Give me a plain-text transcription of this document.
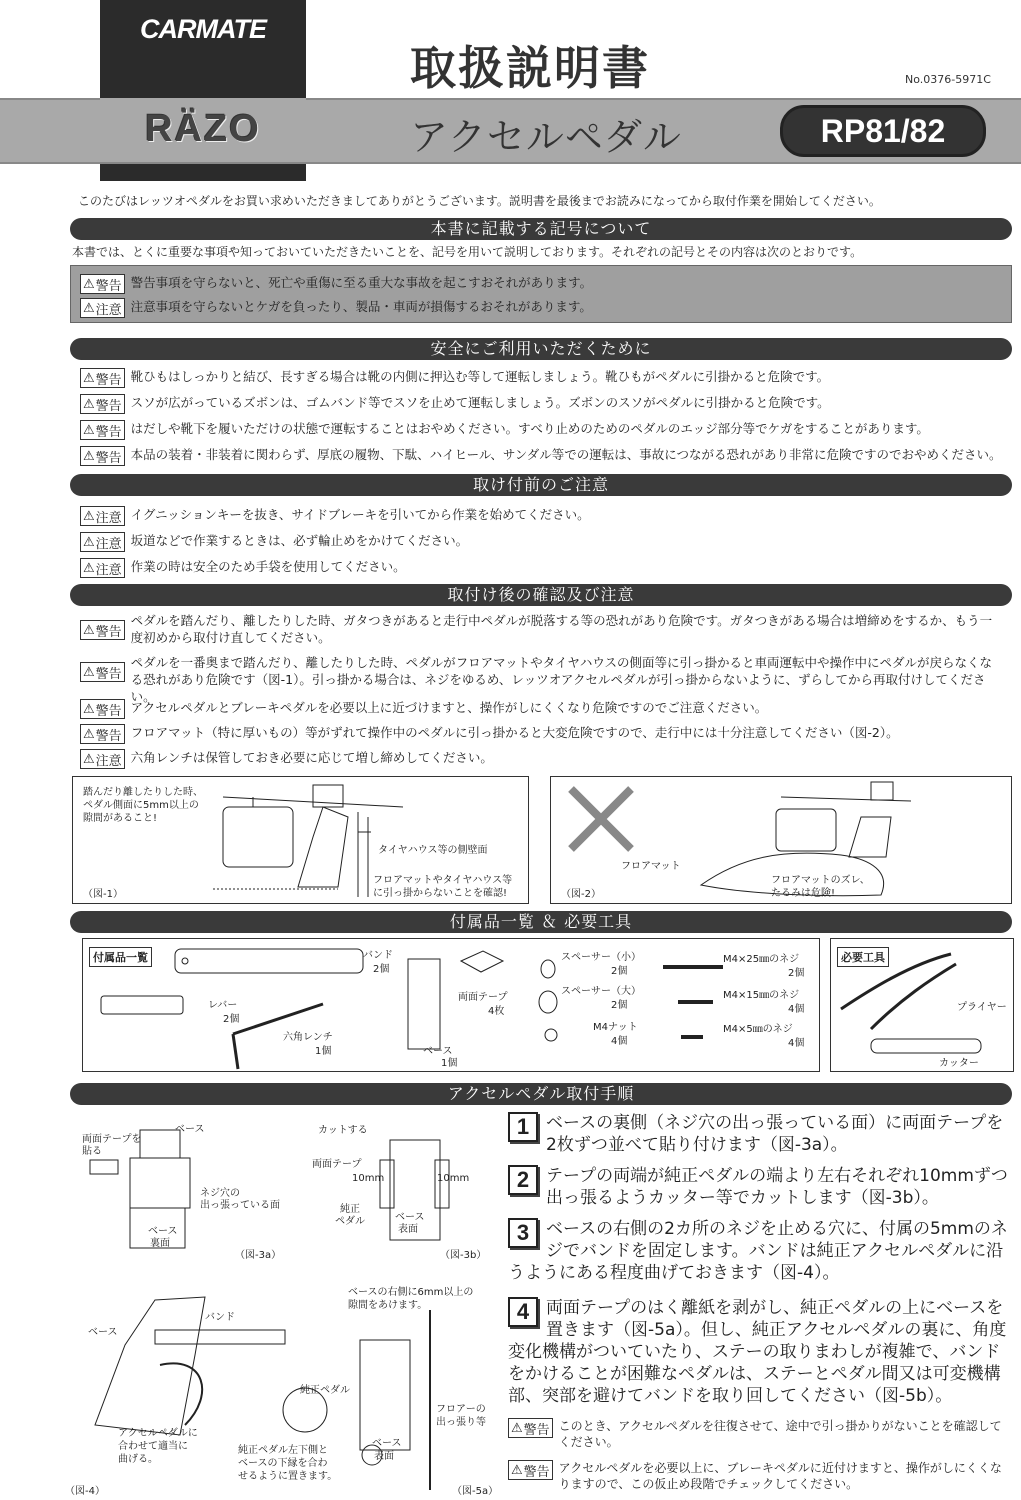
CARMATE
RÄZO
取扱説明書	No.0376-5971C
アクセルペダル	RP81/82
このたびはレッツオペダルをお買い求めいただきましてありがとうございます。説明書を最後までお読みになってから取付作業を開始してください。
本書に記載する記号について
本書では、とくに重要な事項や知っておいていただきたいことを、記号を用いて説明しております。それぞれの記号とその内容は次のとおりです。
⚠ 警告 警告事項を守らないと、死亡や重傷に至る重大な事故を起こすおそれがあります。
⚠ 注意 注意事項を守らないとケガを負ったり、製品・車両が損傷するおそれがあります。
安全にご利用いただくために
⚠ 警告 靴ひもはしっかりと結び、長すぎる場合は靴の内側に押込む等して運転しましょう。靴ひもがペダルに引掛かると危険です。
⚠ 警告 スソが広がっているズボンは、ゴムバンド等でスソを止めて運転しましょう。ズボンのスソがペダルに引掛かると危険です。
⚠ 警告 はだしや靴下を履いただけの状態で運転することはおやめください。すべり止めのためのペダルのエッジ部分等でケガをすることがあります。
⚠ 警告 本品の装着・非装着に関わらず、厚底の履物、下駄、ハイヒール、サンダル等での運転は、事故につながる恐れがあり非常に危険ですのでおやめください。
取け付前のご注意
⚠ 注意 イグニッションキーを抜き、サイドブレーキを引いてから作業を始めてください。
⚠ 注意 坂道などで作業するときは、必ず輪止めをかけてください。
⚠ 注意 作業の時は安全のため手袋を使用してください。
取付け後の確認及び注意
⚠ 警告
ペダルを踏んだり、離したりした時、ガタつきがあると走行中ペダルが脱落する等の恐れがあり危険です。ガタつきがある場合は増締めをするか、もう一度初めから取付け直してください。
⚠ 警告
ペダルを一番奥まで踏んだり、離したりした時、ペダルがフロアマットやタイヤハウスの側面等に引っ掛かると車両運転中や操作中にペダルが戻らなくなる恐れがあり危険です（図-1）。引っ掛かる場合は、ネジをゆるめ、レッツオアクセルペダルが引っ掛からないように、ずらしてから再取付けしてください。
⚠ 警告 アクセルペダルとブレーキペダルを必要以上に近づけますと、操作がしにくくなり危険ですのでご注意ください。
⚠ 警告 フロアマット（特に厚いもの）等がずれて操作中のペダルに引っ掛かると大変危険ですので、走行中には十分注意してください（図-2）。
⚠ 注意 六角レンチは保管しておき必要に応じて増し締めしてください。
踏んだり離したりした時、
ペダル側面に5mm以上の
隙間があること!
タイヤハウス等の側壁面
フロアマットやタイヤハウス等
に引っ掛からないことを確認!
（図-1）
フロアマット
フロアマットのズレ、
たるみは危険!
（図-2）
付属品一覧 ＆ 必要工具
付属品一覧	バンド
2個
レバー
2個
六角レンチ
1個	ベース
1個
両面テープ
4枚
スペーサー（小）
2個
スペーサー（大）
2個
M4ナット
4個
M4×25㎜のネジ
2個
M4×15㎜のネジ
4個
M4×5㎜のネジ
4個
必要工具
プライヤー
カッター
アクセルペダル取付手順
両面テープを
貼る
ベース
ネジ穴の
出っ張っている面
ベース
裏面
（図-3a）
カットする
両面テープ
10mm	10mm
純正
ペダル	ベース
表面
（図-3b）
ベース
バンド
アクセルペダルに
合わせて適当に
曲げる。
（図-4）
ベースの右側に6mm以上の
隙間をあけます。
純正ペダル
フロアーの
出っ張り等
ベース
表面
純正ペダル左下側と
ベースの下縁を合わ
せるように置きます。
（図-5a）
1 ベースの裏側（ネジ穴の出っ張っている面）に両面テープを2枚ずつ並べて貼り付けます（図-3a）。
2 テープの両端が純正ペダルの端より左右それぞれ10mmずつ出っ張るようカッター等でカットします（図-3b）。
3 ベースの右側の2カ所のネジを止める穴に、付属の5mmのネジでバンドを固定します。バンドは純正アクセルペダルに沿うようにある程度曲げておきます（図-4）。
4 両面テープのはく離紙を剥がし、純正ペダルの上にベースを置きます（図-5a）。但し、純正アクセルペダルの裏に、角度変化機構がついていたり、ステーの取りまわしが複雑で、バンドをかけることが困難なペダルは、ステーとペダル間又は可変機構部、突部を避けてバンドを取り回してください（図-5b）。
⚠ 警告 このとき、アクセルペダルを往復させて、途中で引っ掛かりがないことを確認してください。
⚠ 警告 アクセルペダルを必要以上に、ブレーキペダルに近付けますと、操作がしにくくなりますので、この仮止め段階でチェックしてください。
